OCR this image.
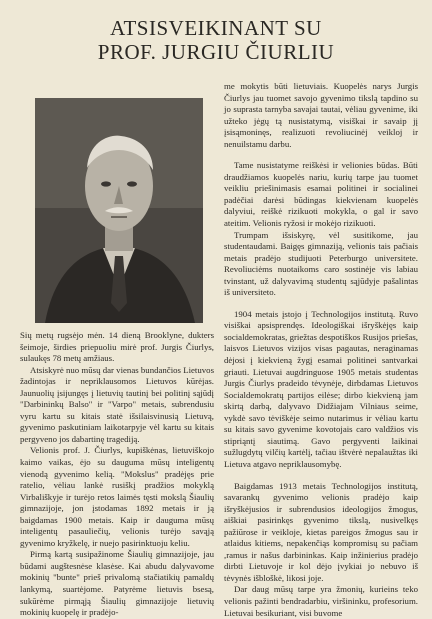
ATSISVEIKINANT SU
PROF. JURGIU ČIURLIU

Sių metų rugsėjo mėn. 14 dieną Brooklyne, dukters šeimoje, širdies priepuoliu mirė prof. Jurgis Čiurlys, sulaukęs 78 metų amžiaus.

Atsiskyrė nuo mūsų dar vienas bundančios Lietuvos žadintojas ir nepriklausomos Lietuvos kūrėjas. Jaunuolių įsijungęs į lietuvių tautinį bei politinį sąjūdį "Darbininkų Balso" ir "Varpo" metais, subrendusiu vyru kartu su kitais statė išsilaisvinusią Lietuvą, gyvenimo paskutiniam laikotarpyje vėl kartu su kitais pergyveno jos dabartinę tragediją.

Velionis prof. J. Čiurlys, kupiškėnas, lietuviškojo kaimo vaikas, ėjo su dauguma mūsų inteligentų vienodą gyvenimo kelią. "Mokslus" pradėjęs prie ratelio, vėliau lankė rusiškį pradžios mokyklą Virbališkyje ir turėjo retos laimės tęsti mokslą Šiaulių gimnazijoje, jon įstodamas 1892 metais ir ją baigdamas 1900 metais. Kaip ir dauguma mūsų inteligentų pasauliečių, velionis turėjo savąją gyvenimo kryžkelę, ir nuejo pasirinktuoju keliu.

Pirmą kartą susipažinome Šiaulių gimnazijoje, jau būdami augštesnėse klasėse. Kai abudu dalyvavome mokinių "bunte" prieš privalomą stačiatikių pamaldų lankymą, suartėjome. Patyrėme lietuvis bsesą, sukūrėme pirmąją Šiaulių gimnazijoje lietuvių mokinių kuopelę ir pradėjo-

me mokytis būti lietuviais. Kuopelės narys Jurgis Čiurlys jau tuomet savojo gyvenimo tikslą tapdino su jo suprasta tarnyba savajai tautai, vėliau gyvenime, iki užteko jėgų tą nusistatymą, visiškai ir savaip jį įsisąmoninęs, realizuoti revoliucinėj veikloj ir nenuilstamu darbu.

Tame nusistatyme reiškėsi ir velionies būdas. Būti draudžiamos kuopelės nariu, kurių tarpe jau tuomet veikliu priešinimasis esamai politinei ir socialinei padėčiai darėsi būdingas kiekvienam kuopelės dalyviui, reiškė rizikuoti mokykla, o gal ir savo ateitim. Velionis ryžosi ir mokėjo rizikuoti.

Trumpam išsiskyrę, vėl susitikome, jau studentaudami. Baigęs gimnaziją, velionis tais pačiais metais pradėjo studijuoti Peterburgo universitete. Revoliuciėms nuotaikoms caro sostinėje vis labiau tvinstant, už dalyvavimą studentų sąjūdyje pašalintas iš universiteto.

1904 metais įstojo į Technologijos institutą. Ruvo visiškai apsisprendęs. Ideologiškai išryškėjęs kaip socialdemokratas, griežtas despotiškos Rusijos priešas, laisvos Lietuvos vizijos visas pagautas, neraginamas dėjosi į kiekvieną žygį esamai politinei santvarkai griauti. Lietuvai augdringuose 1905 metais studentas Jurgis Čiurlys pradeido tėvynėje, dirbdamas Lietuvos Socialdemokratų partijos eilėse; dirbo kiekvieną jam skirtą darbą, dalyvavo Didžiajam Vilniaus seime, vykdė savo tėviškėje seimo nutarimus ir vėliau kartu su kitais savo gyvenime kovotojais caro valdžios vis stipriąntį siautimą. Gavo pergyventi laikinai sužlugdytų vilčių kartėlį, tačiau ištvėrė nepalaužtas iki Lietuva atgavo nepriklausomybę.

Baigdamas 1913 metais Technologijos institutą, savarankų gyvenimo velionis pradėjo kaip išryškėjusios ir subrendusios ideologijos žmogus, aiškiai pasirinkęs gyvenimo tikslą, nusivelkęs pažiūrose ir veikloje, kietas pareigos žmogus sau ir atlaidus kitiems, nepakenčiąs kompromisų su pačiam ,ramus ir našus darbininkas. Kaip inžinierius pradėjo dirbti Lietuvoje ir kol dėjo įvykiai jo nebuvo iš tėvynės išbloškė, likosi joje.

Dar daug mūsų tarpe yra žmonių, kurieins teko velionis pažinti bendradarbiu, viršininku, profesorium. Lietuvai besikuriant, visi buvome
